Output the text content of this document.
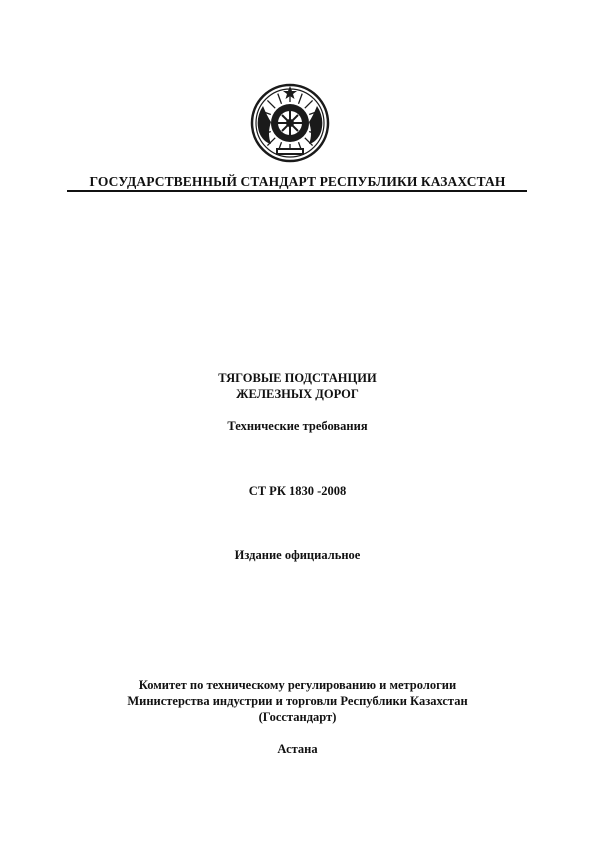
ГОСУДАРСТВЕННЫЙ СТАНДАРТ РЕСПУБЛИКИ КАЗАХСТАН
ТЯГОВЫЕ ПОДСТАНЦИИ
ЖЕЛЕЗНЫХ ДОРОГ
Технические требования
СТ РК 1830 -2008
Издание официальное
Комитет по техническому регулированию и метрологии
Министерства индустрии и торговли Республики Казахстан
(Госстандарт)
Астана
